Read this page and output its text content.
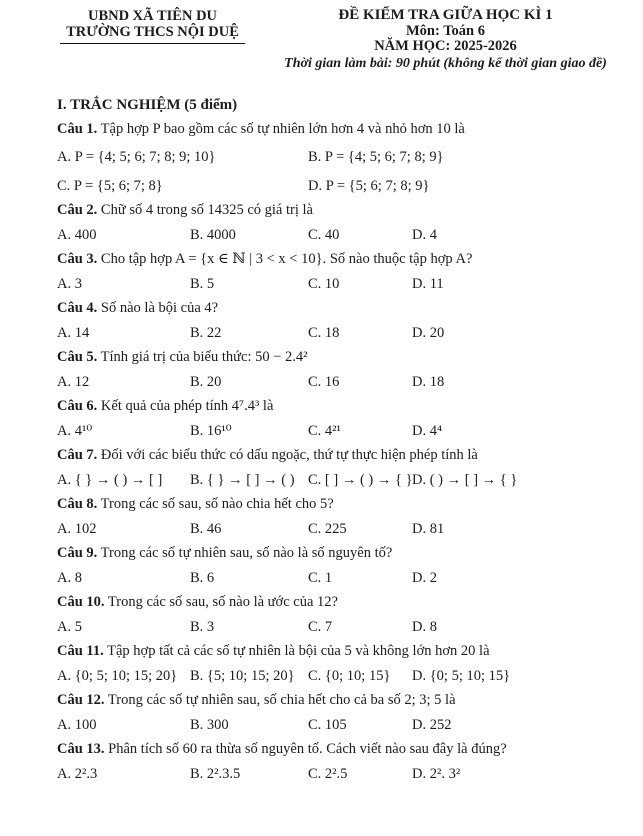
UBND XÃ TIÊN DU
TRƯỜNG THCS NỘI DUỆ
ĐỀ KIỂM TRA GIỮA HỌC KÌ 1
Môn: Toán 6
NĂM HỌC: 2025-2026
Thời gian làm bài: 90 phút (không kể thời gian giao đề)
I. TRẮC NGHIỆM (5 điểm)

Câu 1. Tập hợp P bao gồm các số tự nhiên lớn hơn 4 và nhỏ hơn 10 là

A. P = {4; 5; 6; 7; 8; 9; 10}	B. P = {4; 5; 6; 7; 8; 9}
C. P = {5; 6; 7; 8}	D. P = {5; 6; 7; 8; 9}

Câu 2. Chữ số 4 trong số 14325 có giá trị là

A. 400	B. 4000	C. 40	D. 4

Câu 3. Cho tập hợp A = {x ∈ ℕ | 3 < x < 10}. Số nào thuộc tập hợp A?

A. 3	B. 5	C. 10	D. 11

Câu 4. Số nào là bội của 4?

A. 14	B. 22	C. 18	D. 20

Câu 5. Tính giá trị của biểu thức: 50 − 2.4²

A. 12	B. 20	C. 16	D. 18

Câu 6. Kết quả của phép tính 4⁷.4³ là

A. 4¹⁰	B. 16¹⁰	C. 4²¹	D. 4⁴

Câu 7. Đối với các biểu thức có dấu ngoặc, thứ tự thực hiện phép tính là

A. { } → ( ) → [ ]	B. { } → [ ] → ( ) C. [ ] → ( ) → { } D. ( ) → [ ] → { }

Câu 8. Trong các số sau, số nào chia hết cho 5?

A. 102	B. 46	C. 225	D. 81

Câu 9. Trong các số tự nhiên sau, số nào là số nguyên tố?

A. 8	B. 6	C. 1	D. 2

Câu 10. Trong các số sau, số nào là ước của 12?

A. 5	B. 3	C. 7	D. 8

Câu 11. Tập hợp tất cả các số tự nhiên là bội của 5 và không lớn hơn 20 là

A. {0; 5; 10; 15; 20} B. {5; 10; 15; 20} C. {0; 10; 15}	D. {0; 5; 10; 15}

Câu 12. Trong các số tự nhiên sau, số chia hết cho cả ba số 2; 3; 5 là

A. 100	B. 300	C. 105	D. 252

Câu 13. Phân tích số 60 ra thừa số nguyên tố. Cách viết nào sau đây là đúng?

A. 2².3	B. 2².3.5	C. 2².5	D. 2². 3²
